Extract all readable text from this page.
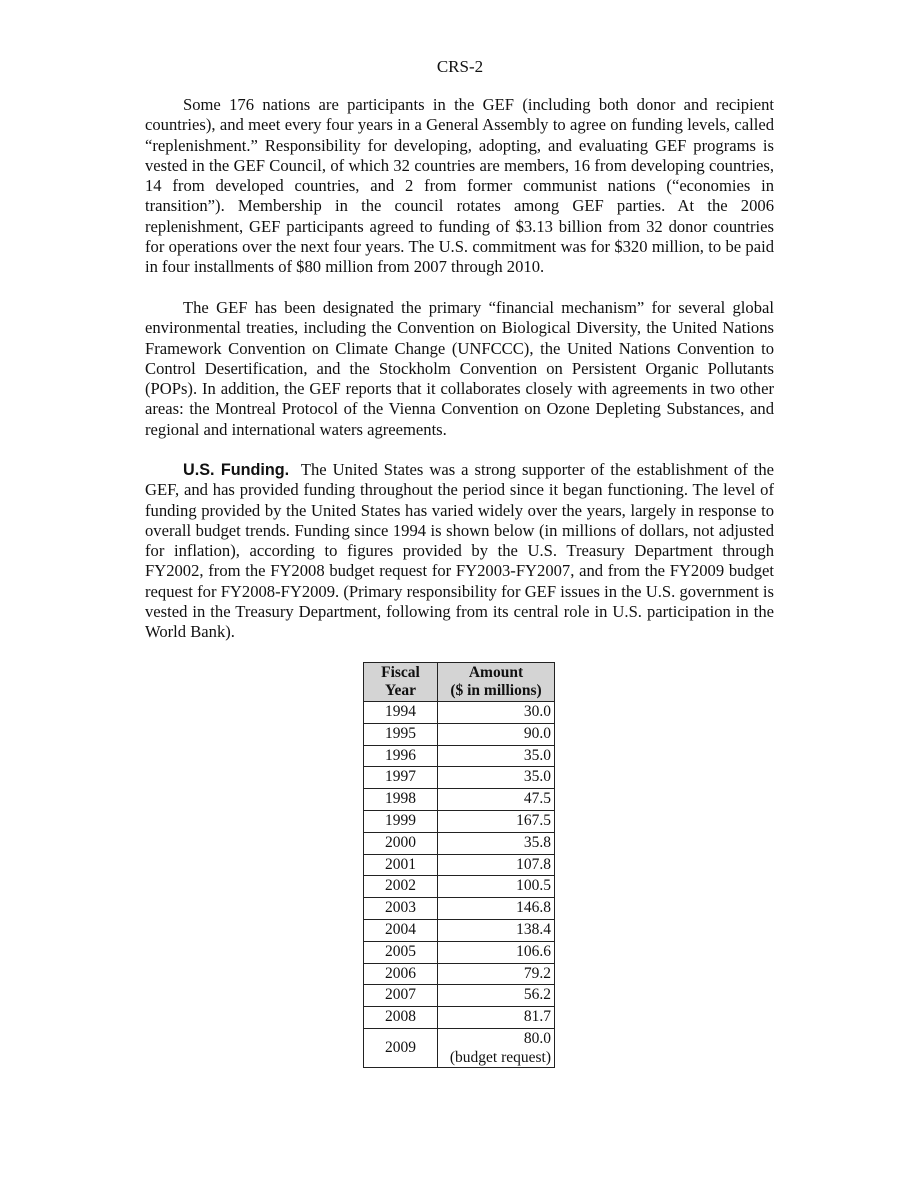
CRS-2

Some 176 nations are participants in the GEF (including both donor and recipient countries), and meet every four years in a General Assembly to agree on funding levels, called “replenishment.” Responsibility for developing, adopting, and evaluating GEF programs is vested in the GEF Council, of which 32 countries are members, 16 from developing countries, 14 from developed countries, and 2 from former communist nations (“economies in transition”). Membership in the council rotates among GEF parties. At the 2006 replenishment, GEF participants agreed to funding of $3.13 billion from 32 donor countries for operations over the next four years. The U.S. commitment was for $320 million, to be paid in four installments of $80 million from 2007 through 2010.

The GEF has been designated the primary “financial mechanism” for several global environmental treaties, including the Convention on Biological Diversity, the United Nations Framework Convention on Climate Change (UNFCCC), the United Nations Convention to Control Desertification, and the Stockholm Convention on Persistent Organic Pollutants (POPs). In addition, the GEF reports that it collaborates closely with agreements in two other areas: the Montreal Protocol of the Vienna Convention on Ozone Depleting Substances, and regional and international waters agreements.

U.S. Funding. The United States was a strong supporter of the establishment of the GEF, and has provided funding throughout the period since it began functioning. The level of funding provided by the United States has varied widely over the years, largely in response to overall budget trends. Funding since 1994 is shown below (in millions of dollars, not adjusted for inflation), according to figures provided by the U.S. Treasury Department through FY2002, from the FY2008 budget request for FY2003-FY2007, and from the FY2009 budget request for FY2008-FY2009. (Primary responsibility for GEF issues in the U.S. government is vested in the Treasury Department, following from its central role in U.S. participation in the World Bank).

Fiscal
Year	Amount
($ in millions)
1994	30.0
1995	90.0
1996	35.0
1997	35.0
1998	47.5
1999	167.5
2000	35.8
2001	107.8
2002	100.5
2003	146.8
2004	138.4
2005	106.6
2006	79.2
2007	56.2
2008	81.7
2009	80.0
(budget request)
